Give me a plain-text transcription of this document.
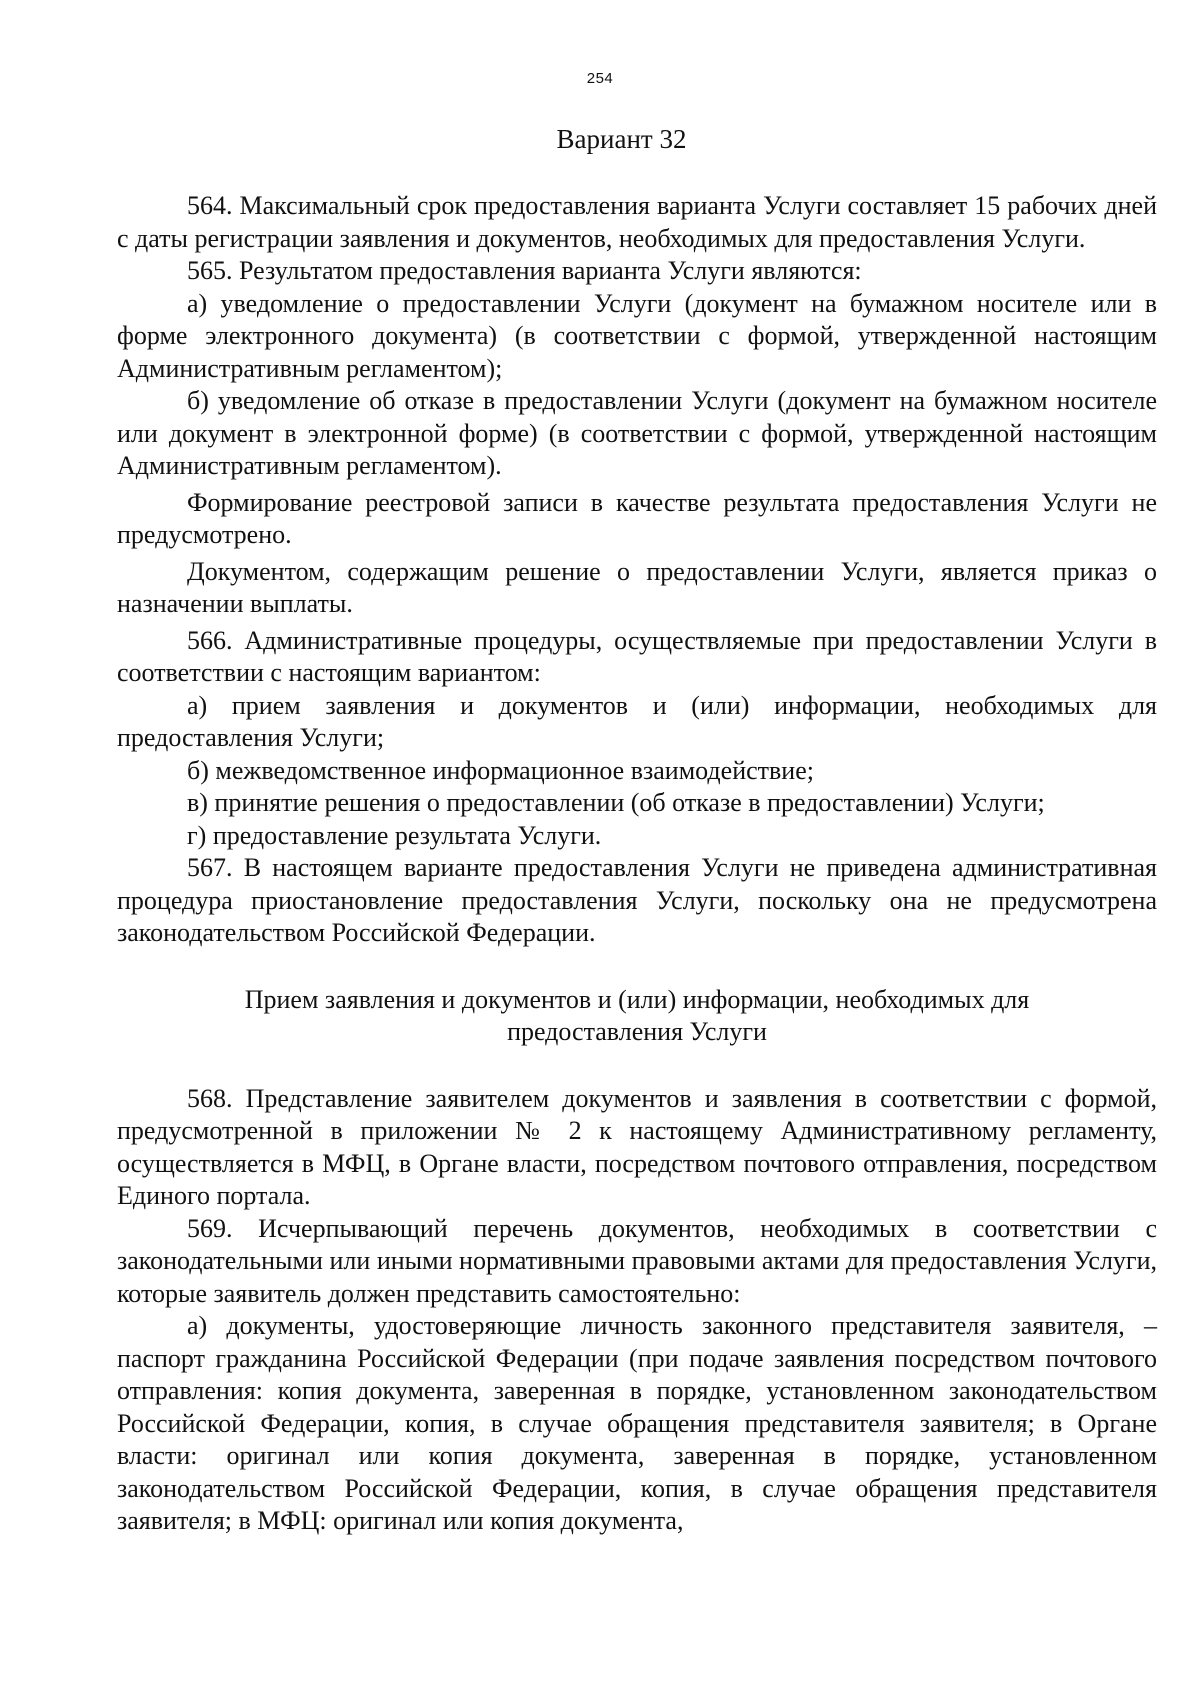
254
Вариант 32

564. Максимальный срок предоставления варианта Услуги составляет 15 рабочих дней с даты регистрации заявления и документов, необходимых для предоставления Услуги.

565. Результатом предоставления варианта Услуги являются:

а) уведомление о предоставлении Услуги (документ на бумажном носителе или в форме электронного документа) (в соответствии с формой, утвержденной настоящим Административным регламентом);

б) уведомление об отказе в предоставлении Услуги (документ на бумажном носителе или документ в электронной форме) (в соответствии с формой, утвержденной настоящим Административным регламентом).

Формирование реестровой записи в качестве результата предоставления Услуги не предусмотрено.

Документом, содержащим решение о предоставлении Услуги, является приказ о назначении выплаты.

566. Административные процедуры, осуществляемые при предоставлении Услуги в соответствии с настоящим вариантом:

а) прием заявления и документов и (или) информации, необходимых для предоставления Услуги;

б) межведомственное информационное взаимодействие;

в) принятие решения о предоставлении (об отказе в предоставлении) Услуги;

г) предоставление результата Услуги.

567. В настоящем варианте предоставления Услуги не приведена административная процедура приостановление предоставления Услуги, поскольку она не предусмотрена законодательством Российской Федерации.

Прием заявления и документов и (или) информации, необходимых для
предоставления Услуги

568. Представление заявителем документов и заявления в соответствии с формой, предусмотренной в приложении № 2 к настоящему Административному регламенту, осуществляется в МФЦ, в Органе власти, посредством почтового отправления, посредством Единого портала.

569. Исчерпывающий перечень документов, необходимых в соответствии с законодательными или иными нормативными правовыми актами для предоставления Услуги, которые заявитель должен представить самостоятельно:

а) документы, удостоверяющие личность законного представителя заявителя, – паспорт гражданина Российской Федерации (при подаче заявления посредством почтового отправления: копия документа, заверенная в порядке, установленном законодательством Российской Федерации, копия, в случае обращения представителя заявителя; в Органе власти: оригинал или копия документа, заверенная в порядке, установленном законодательством Российской Федерации, копия, в случае обращения представителя заявителя; в МФЦ: оригинал или копия документа,
